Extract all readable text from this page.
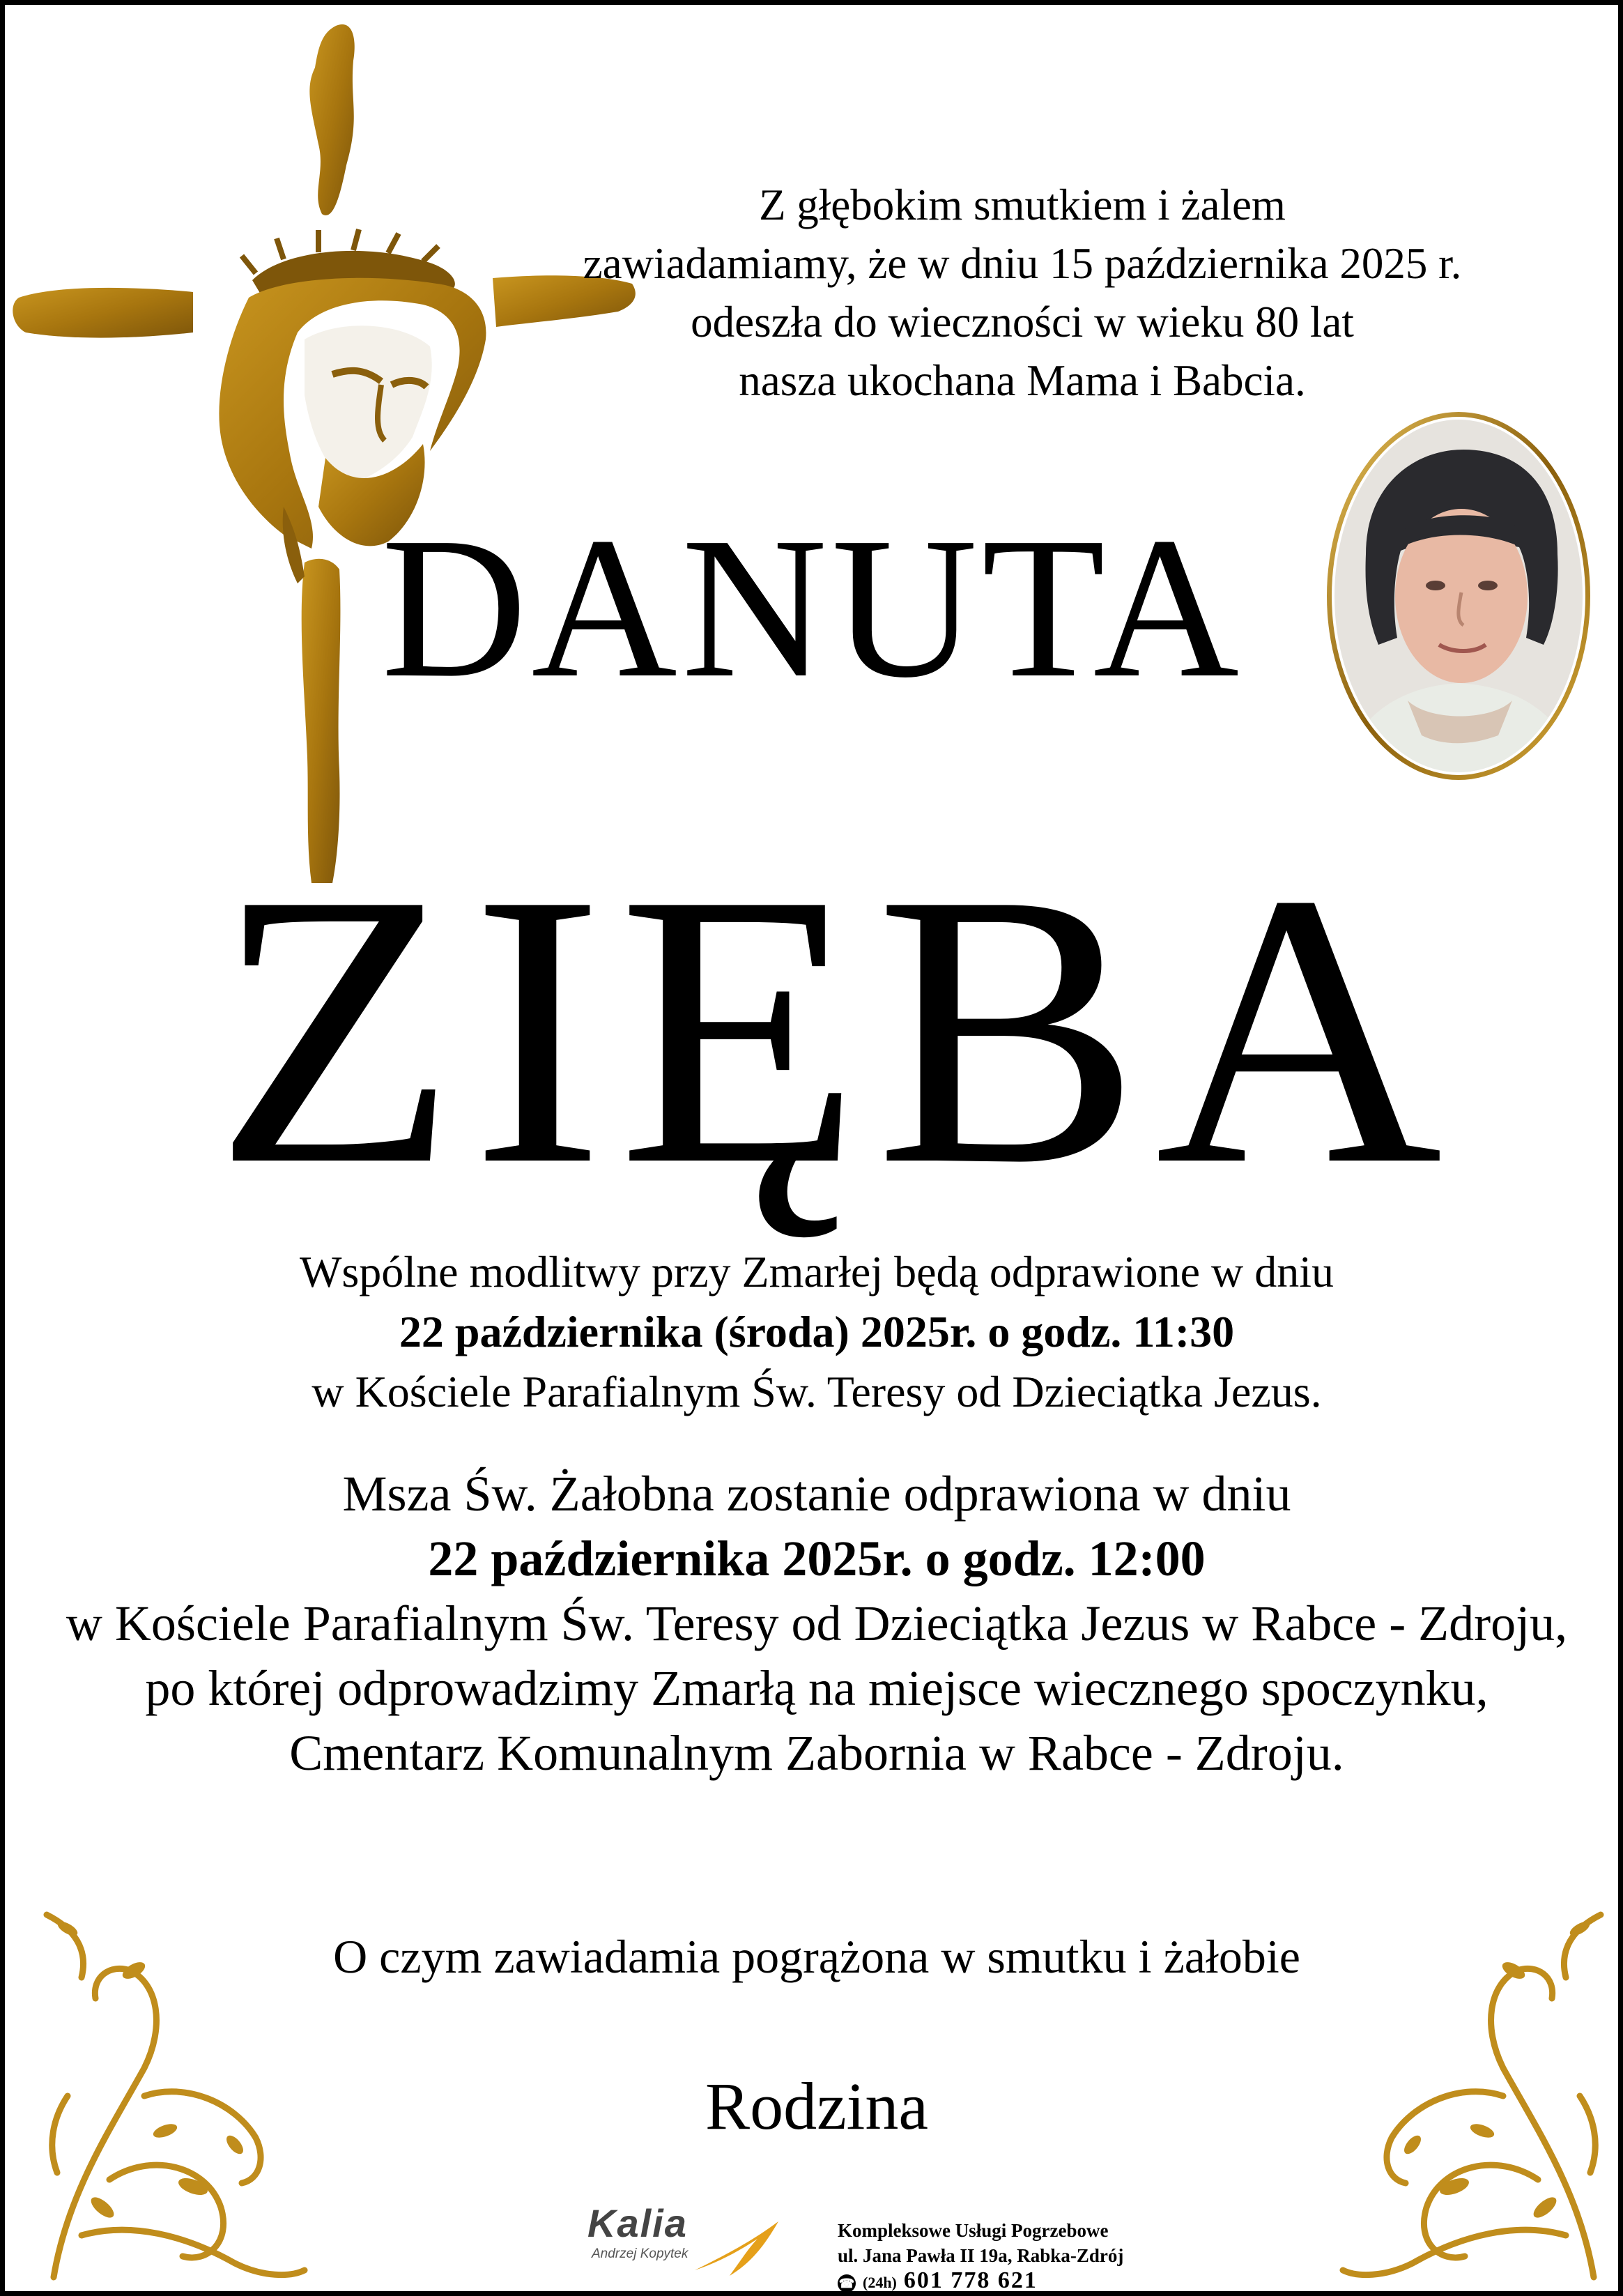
Z głębokim smutkiem i żalem
zawiadamiamy, że w dniu 15 października 2025 r.
odeszła do wieczności w wieku 80 lat
nasza ukochana Mama i Babcia.
DANUTA
ZIĘBA
Wspólne modlitwy przy Zmarłej będą odprawione w dniu
22 października (środa) 2025r. o godz. 11:30
w Kościele Parafialnym Św. Teresy od Dzieciątka Jezus.
Msza Św. Żałobna zostanie odprawiona w dniu
22 października 2025r. o godz. 12:00
w Kościele Parafialnym Św. Teresy od Dzieciątka Jezus w Rabce - Zdroju,
po której odprowadzimy Zmarłą na miejsce wiecznego spoczynku,
Cmentarz Komunalnym Zabornia w Rabce - Zdroju.
O czym zawiadamia pogrążona w smutku i żałobie
Rodzina
Kalia
Andrzej Kopytek
Kompleksowe Usługi Pogrzebowe
ul. Jana Pawła II 19a, Rabka-Zdrój
☎ (24h) 601 778 621
